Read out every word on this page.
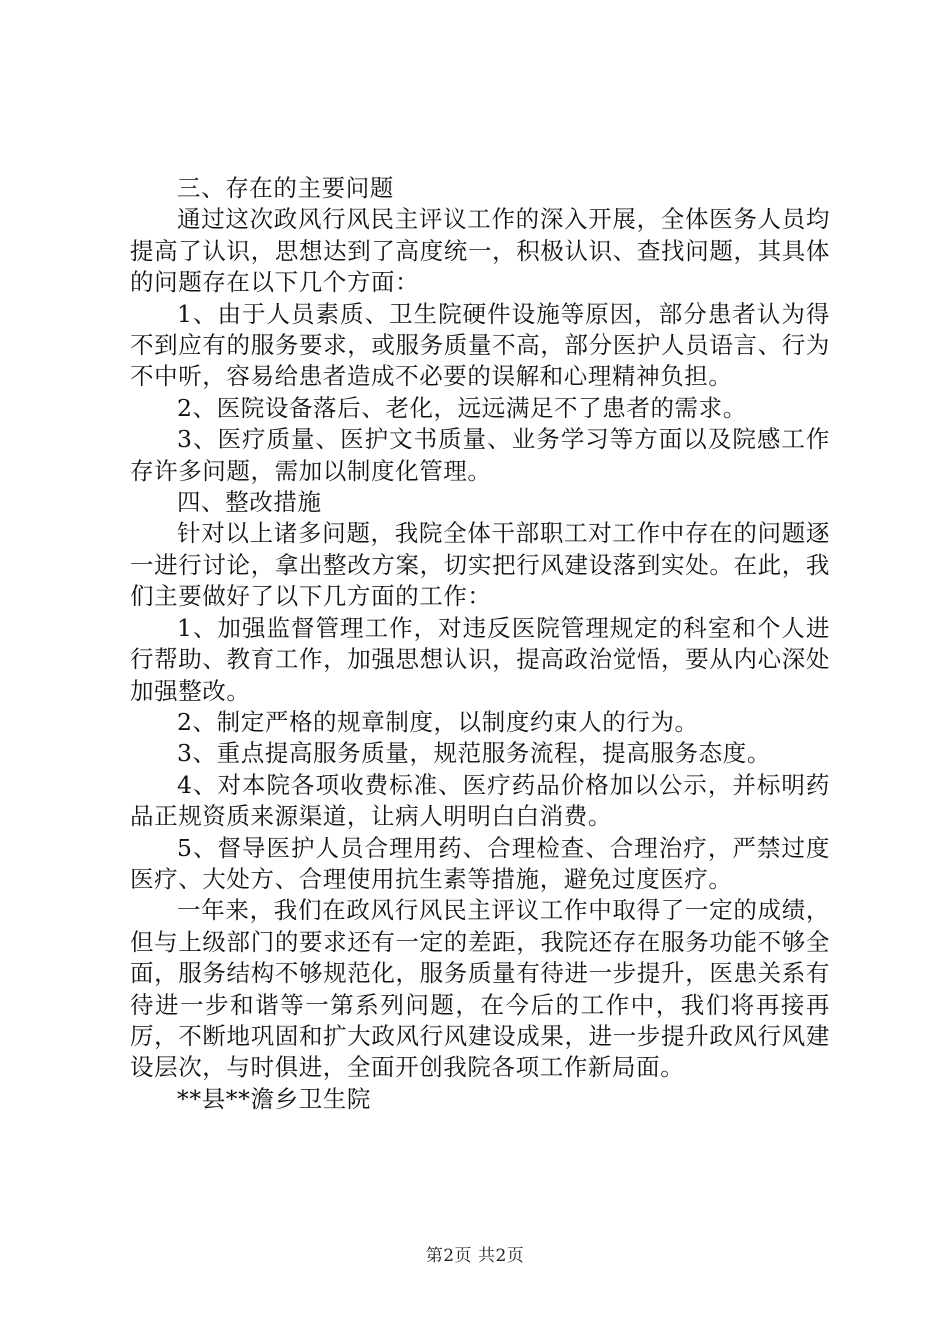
三、存在的主要问题

通过这次政风行风民主评议工作的深入开展，全体医务人员均提高了认识，思想达到了高度统一，积极认识、查找问题，其具体的问题存在以下几个方面：

1、由于人员素质、卫生院硬件设施等原因，部分患者认为得不到应有的服务要求，或服务质量不高，部分医护人员语言、行为不中听，容易给患者造成不必要的误解和心理精神负担。

2、医院设备落后、老化，远远满足不了患者的需求。

3、医疗质量、医护文书质量、业务学习等方面以及院感工作存许多问题，需加以制度化管理。

四、整改措施

针对以上诸多问题，我院全体干部职工对工作中存在的问题逐一进行讨论，拿出整改方案，切实把行风建设落到实处。在此，我们主要做好了以下几方面的工作：

1、加强监督管理工作，对违反医院管理规定的科室和个人进行帮助、教育工作，加强思想认识，提高政治觉悟，要从内心深处加强整改。

2、制定严格的规章制度，以制度约束人的行为。

3、重点提高服务质量，规范服务流程，提高服务态度。

4、对本院各项收费标准、医疗药品价格加以公示，并标明药品正规资质来源渠道，让病人明明白白消费。

5、督导医护人员合理用药、合理检查、合理治疗，严禁过度医疗、大处方、合理使用抗生素等措施，避免过度医疗。

一年来，我们在政风行风民主评议工作中取得了一定的成绩，但与上级部门的要求还有一定的差距，我院还存在服务功能不够全面，服务结构不够规范化，服务质量有待进一步提升，医患关系有待进一步和谐等一第系列问题，在今后的工作中，我们将再接再厉，不断地巩固和扩大政风行风建设成果，进一步提升政风行风建设层次，与时俱进，全面开创我院各项工作新局面。

**县**澹乡卫生院

第2页 共2页
